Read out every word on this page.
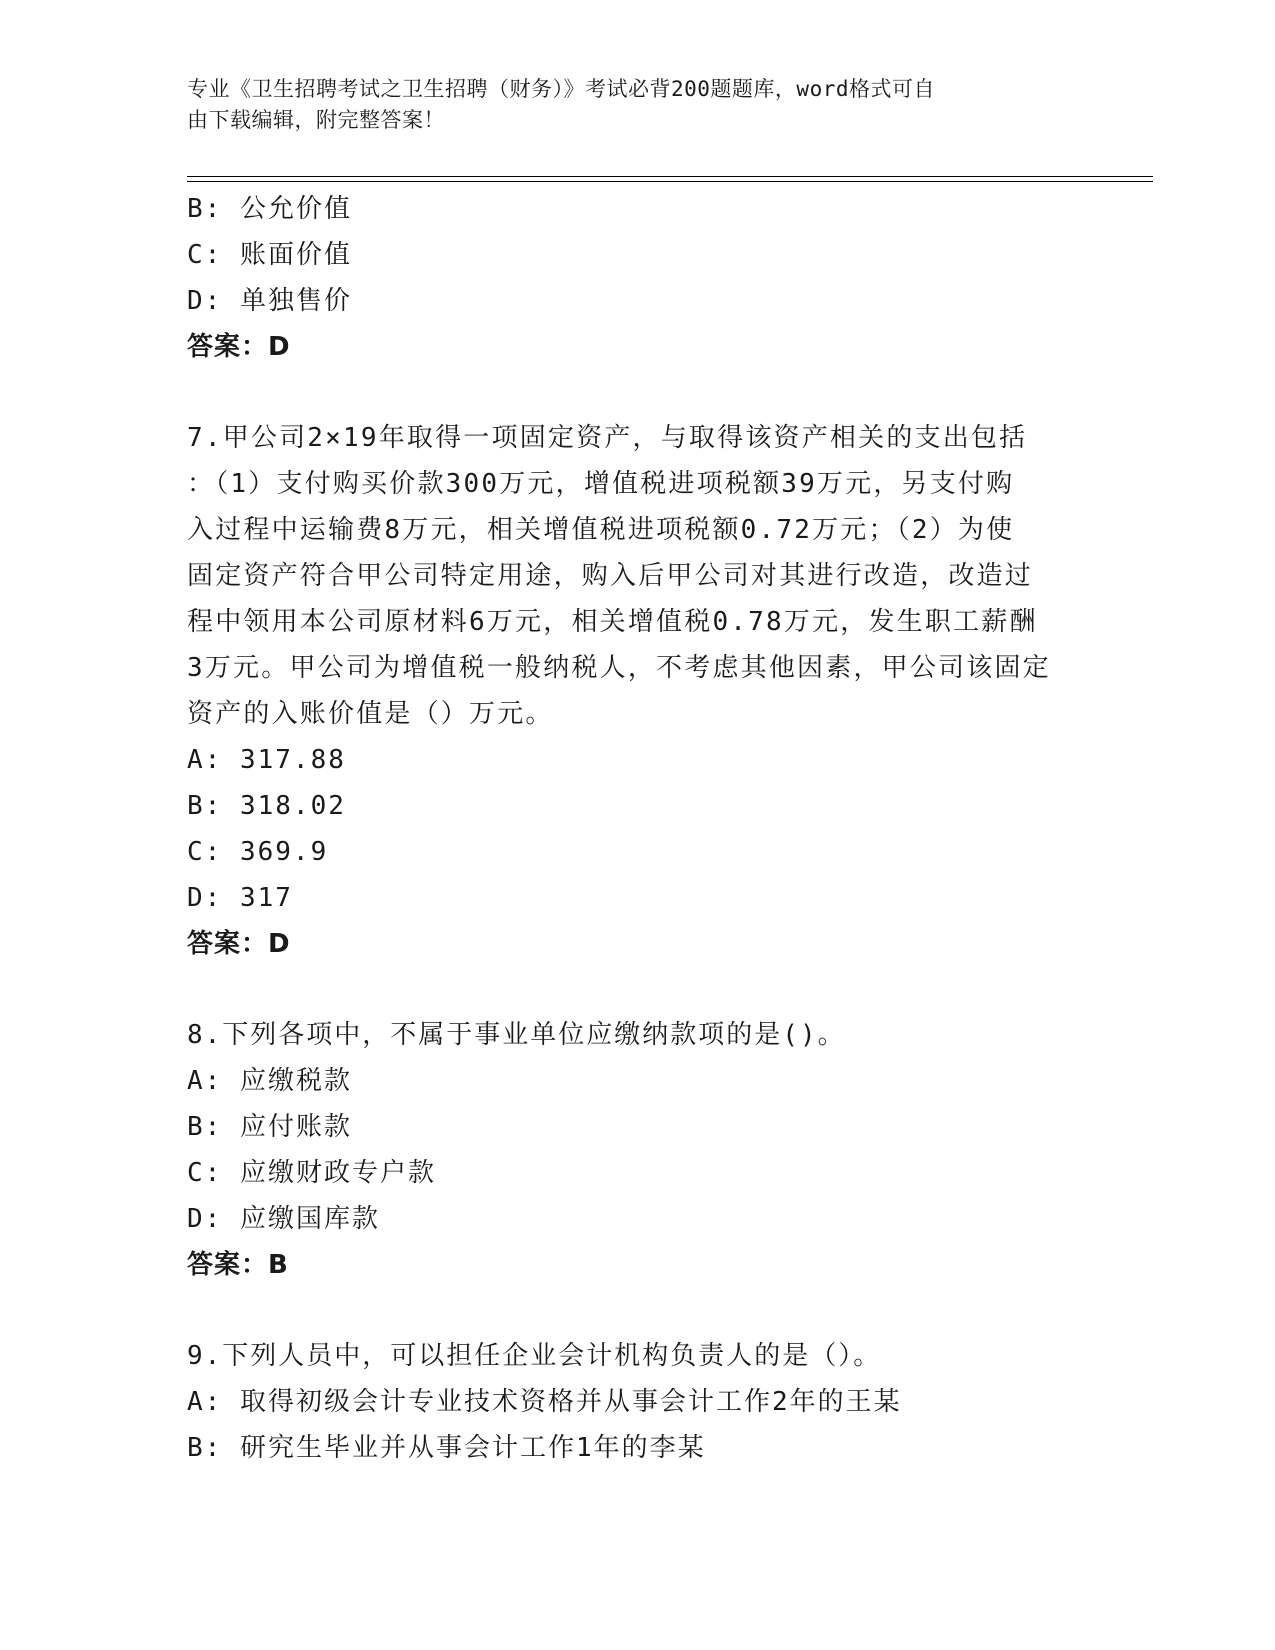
专业《卫生招聘考试之卫生招聘（财务）》考试必背200题题库，word格式可自
由下载编辑，附完整答案！
B: 公允价值
C: 账面价值
D: 单独售价
答案：D
7.甲公司2×19年取得一项固定资产，与取得该资产相关的支出包括
：（1）支付购买价款300万元，增值税进项税额39万元，另支付购
入过程中运输费8万元，相关增值税进项税额0.72万元；（2）为使
固定资产符合甲公司特定用途，购入后甲公司对其进行改造，改造过
程中领用本公司原材料6万元，相关增值税0.78万元，发生职工薪酬
3万元。甲公司为增值税一般纳税人，不考虑其他因素，甲公司该固定
资产的入账价值是（）万元。
A: 317.88
B: 318.02
C: 369.9
D: 317
答案：D
8.下列各项中，不属于事业单位应缴纳款项的是()。
A: 应缴税款
B: 应付账款
C: 应缴财政专户款
D: 应缴国库款
答案：B
9.下列人员中，可以担任企业会计机构负责人的是（）。
A: 取得初级会计专业技术资格并从事会计工作2年的王某
B: 研究生毕业并从事会计工作1年的李某
